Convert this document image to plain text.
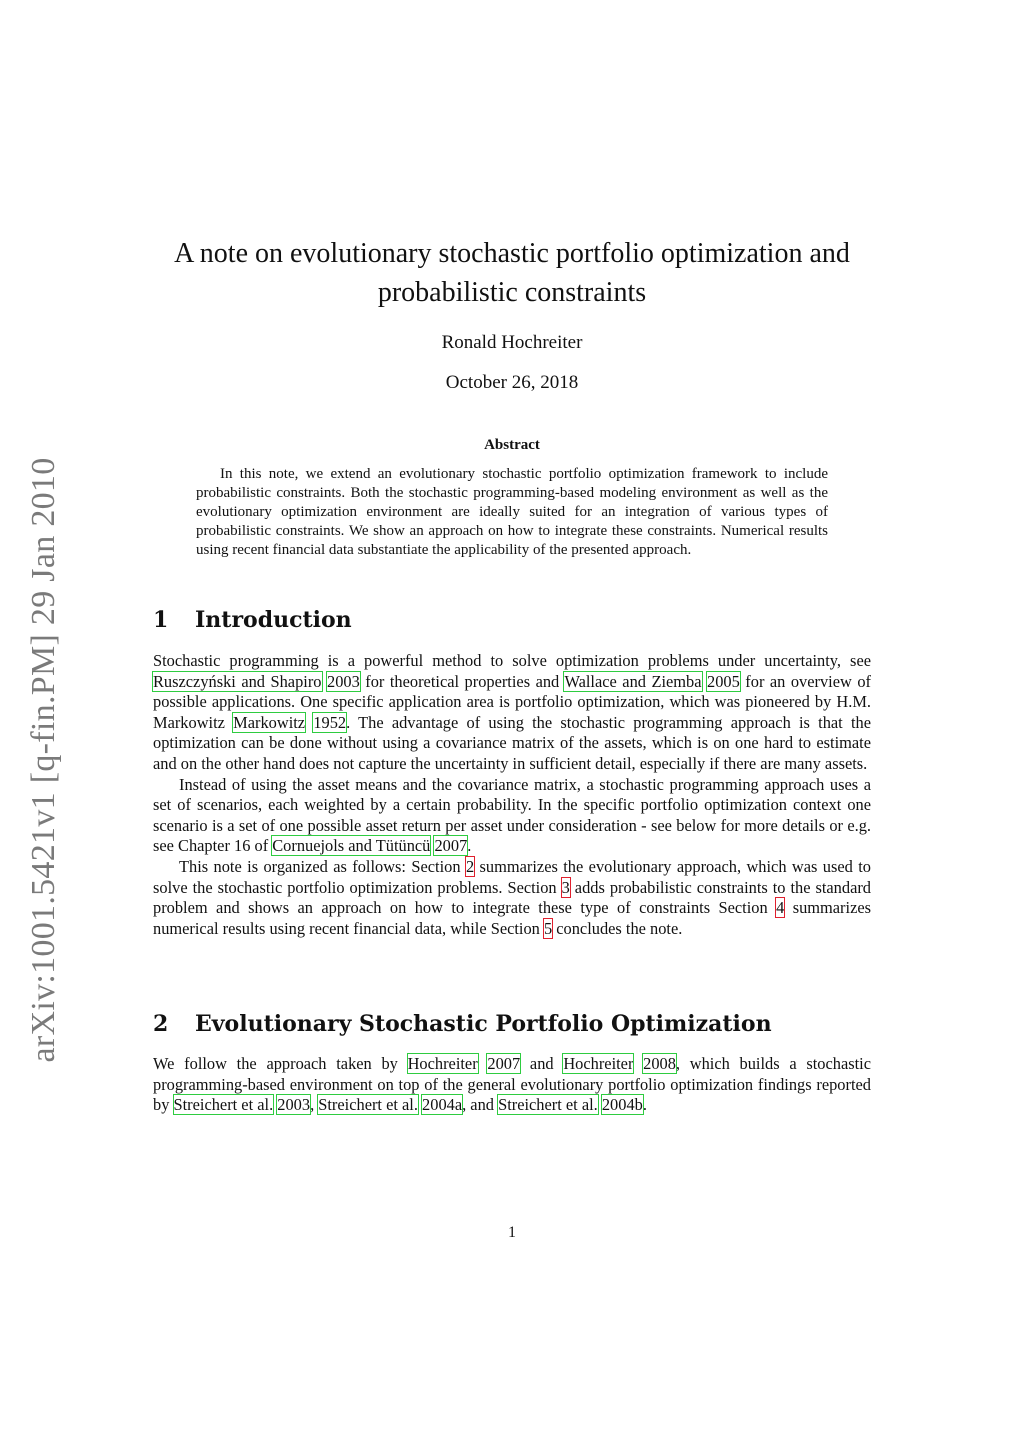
arXiv:1001.5421v1 [q-fin.PM] 29 Jan 2010
A note on evolutionary stochastic portfolio optimization and
probabilistic constraints
Ronald Hochreiter
October 26, 2018
Abstract
In this note, we extend an evolutionary stochastic portfolio optimization framework to include probabilistic constraints. Both the stochastic programming-based modeling environment as well as the evolutionary optimization environment are ideally suited for an integration of various types of probabilistic constraints. We show an approach on how to integrate these constraints. Numerical results using recent financial data substantiate the applicability of the presented approach.
1 Introduction

Stochastic programming is a powerful method to solve optimization problems under uncertainty, see Ruszczyński and Shapiro 2003 for theoretical properties and Wallace and Ziemba 2005 for an overview of possible applications. One specific application area is portfolio optimization, which was pioneered by H.M. Markowitz Markowitz 1952. The advantage of using the stochastic programming approach is that the optimization can be done without using a covariance matrix of the assets, which is on one hard to estimate and on the other hand does not capture the uncertainty in sufficient detail, especially if there are many assets.

Instead of using the asset means and the covariance matrix, a stochastic programming approach uses a set of scenarios, each weighted by a certain probability. In the specific portfolio optimization context one scenario is a set of one possible asset return per asset under consideration - see below for more details or e.g. see Chapter 16 of Cornuejols and Tütüncü 2007.

This note is organized as follows: Section 2 summarizes the evolutionary approach, which was used to solve the stochastic portfolio optimization problems. Section 3 adds probabilistic constraints to the standard problem and shows an approach on how to integrate these type of constraints Section 4 summarizes numerical results using recent financial data, while Section 5 concludes the note.

2 Evolutionary Stochastic Portfolio Optimization

We follow the approach taken by Hochreiter 2007 and Hochreiter 2008, which builds a stochastic programming-based environment on top of the general evolutionary portfolio optimization findings reported by Streichert et al. 2003, Streichert et al. 2004a, and Streichert et al. 2004b.

1
